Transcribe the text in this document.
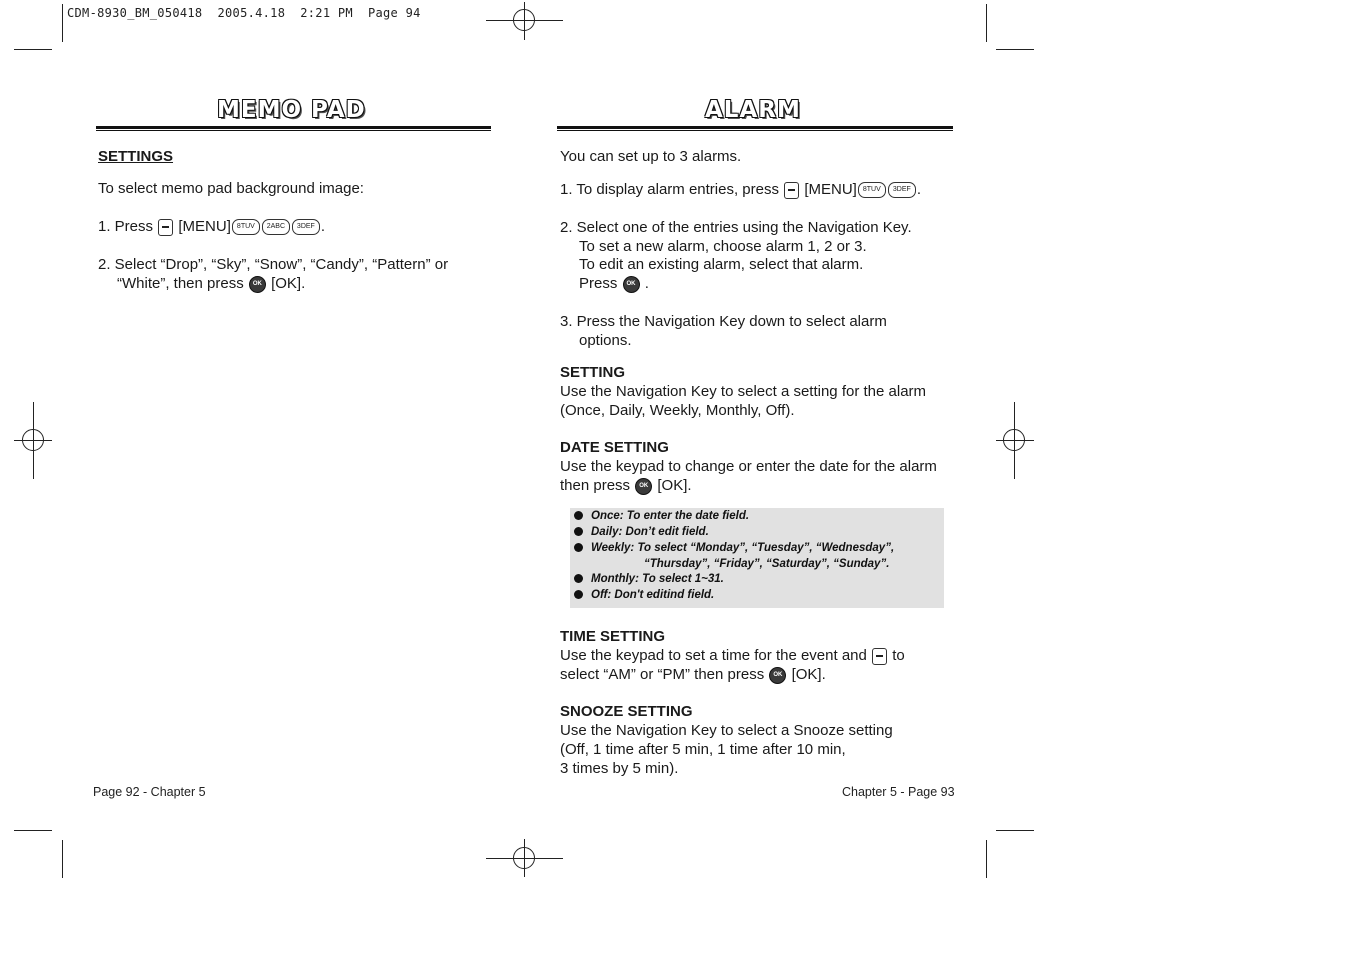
CDM-8930_BM_050418  2005.4.18  2:21 PM  Page 94
MEMO PAD
SETTINGS
To select memo pad background image:
1. Press [MENU] 8TUV 2ABC 3DEF .
2. Select “Drop”, “Sky”, “Snow”, “Candy”, “Pattern” or
“White”, then press OK [OK].
Page 92 - Chapter 5
ALARM
You can set up to 3 alarms.
1. To display alarm entries, press [MENU] 8TUV 3DEF .
2. Select one of the entries using the Navigation Key.
To set a new alarm, choose alarm 1, 2 or 3.
To edit an existing alarm, select that alarm.
Press OK .
3. Press the Navigation Key down to select alarm
options.
SETTING
Use the Navigation Key to select a setting for the alarm
(Once, Daily, Weekly, Monthly, Off).
DATE SETTING
Use the keypad to change or enter the date for the alarm
then press OK [OK].
Once: To enter the date field.
Daily: Don’t edit field.
Weekly: To select “Monday”, “Tuesday”, “Wednesday”,
“Thursday”, “Friday”, “Saturday”, “Sunday”.
Monthly: To select 1~31.
Off: Don't editind field.
TIME SETTING
Use the keypad to set a time for the event and to
select “AM” or “PM” then press OK [OK].
SNOOZE SETTING
Use the Navigation Key to select a Snooze setting
(Off, 1 time after 5 min, 1 time after 10 min,
3 times by 5 min).
Chapter 5 - Page 93
